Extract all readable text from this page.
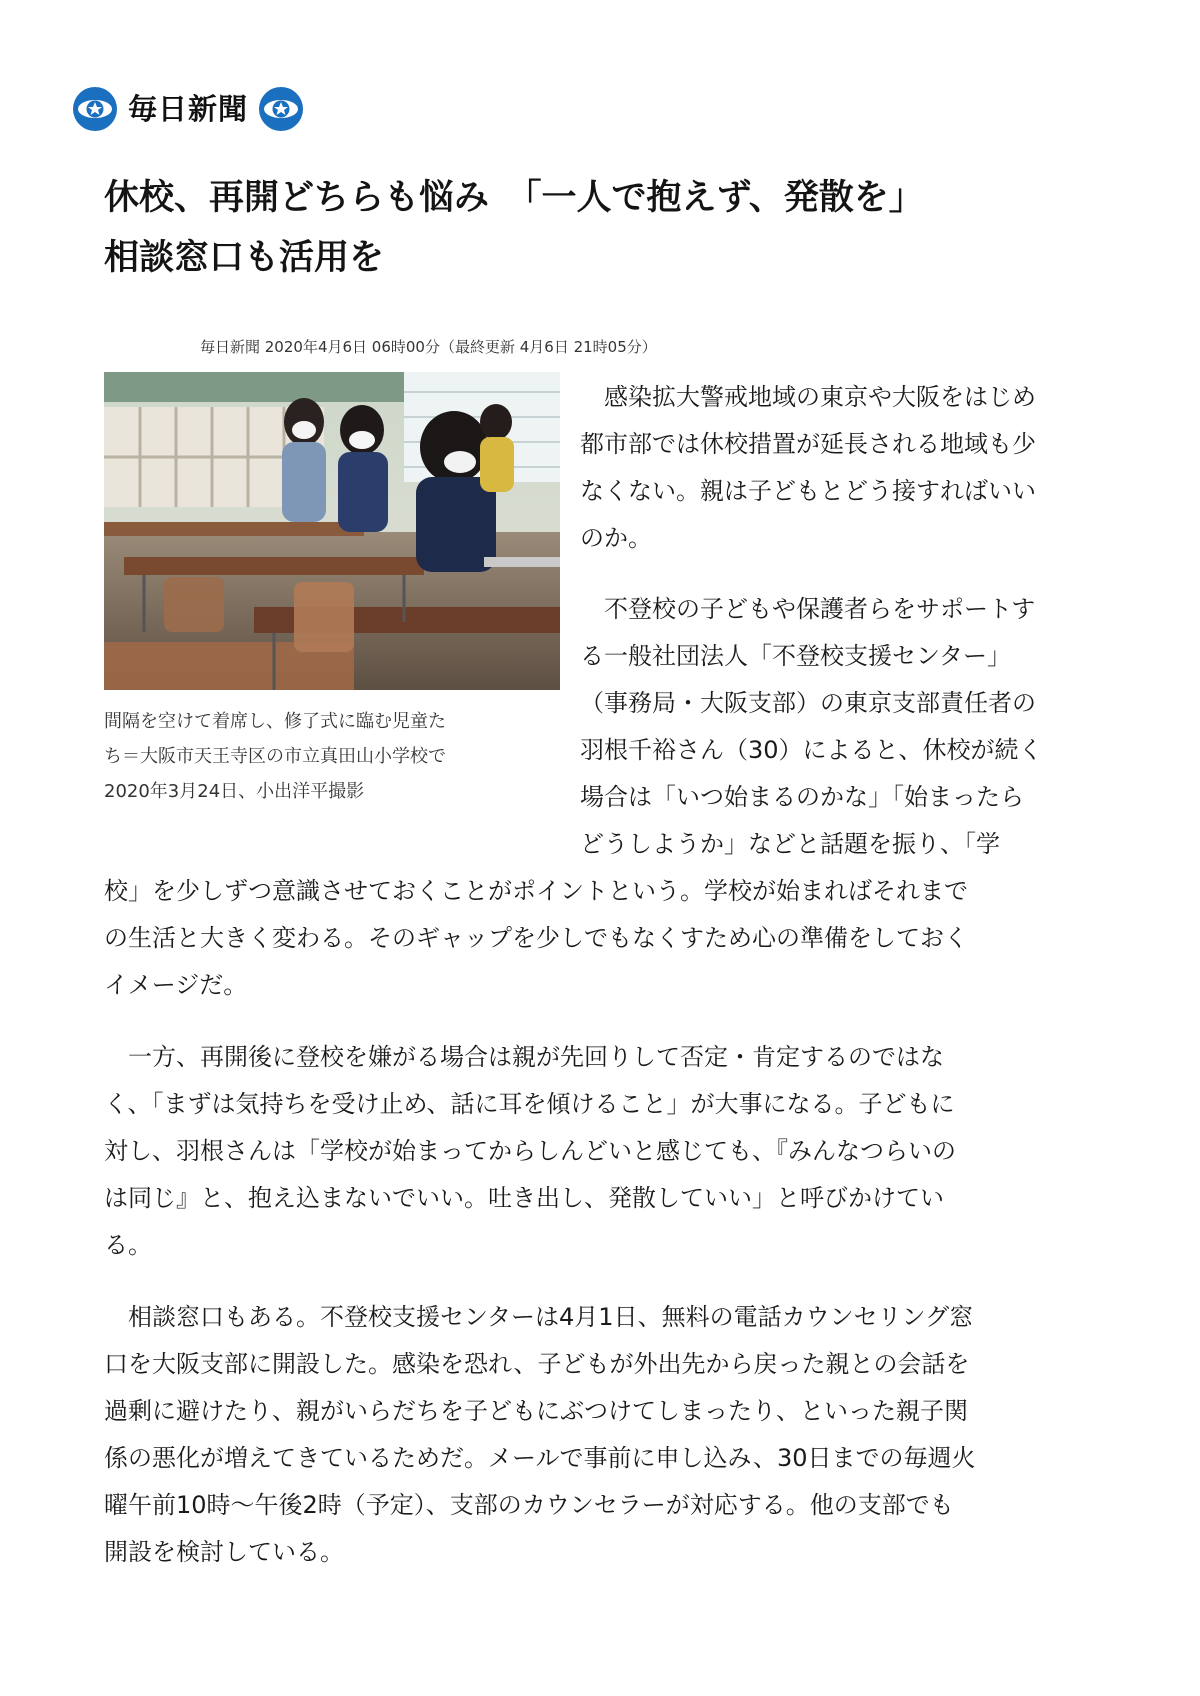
毎日新聞
休校、再開どちらも悩み　「一人で抱えず、発散を」
相談窓口も活用を
毎日新聞 2020年4月6日 06時00分（最終更新 4月6日 21時05分）
間隔を空けて着席し、修了式に臨む児童た
ち＝大阪市天王寺区の市立真田山小学校で
2020年3月24日、小出洋平撮影
　感染拡大警戒地域の東京や大阪をはじめ
都市部では休校措置が延長される地域も少
なくない。親は子どもとどう接すればいい
のか。
　不登校の子どもや保護者らをサポートす
る一般社団法人「不登校支援センター」
（事務局・大阪支部）の東京支部責任者の
羽根千裕さん（30）によると、休校が続く
場合は「いつ始まるのかな」「始まったら
どうしようか」などと話題を振り、「学
校」を少しずつ意識させておくことがポイントという。学校が始まればそれまで
の生活と大きく変わる。そのギャップを少しでもなくすため心の準備をしておく
イメージだ。
　一方、再開後に登校を嫌がる場合は親が先回りして否定・肯定するのではな
く、「まずは気持ちを受け止め、話に耳を傾けること」が大事になる。子どもに
対し、羽根さんは「学校が始まってからしんどいと感じても、『みんなつらいの
は同じ』と、抱え込まないでいい。吐き出し、発散していい」と呼びかけてい
る。
　相談窓口もある。不登校支援センターは4月1日、無料の電話カウンセリング窓
口を大阪支部に開設した。感染を恐れ、子どもが外出先から戻った親との会話を
過剰に避けたり、親がいらだちを子どもにぶつけてしまったり、といった親子関
係の悪化が増えてきているためだ。メールで事前に申し込み、30日までの毎週火
曜午前10時～午後2時（予定）、支部のカウンセラーが対応する。他の支部でも
開設を検討している。
